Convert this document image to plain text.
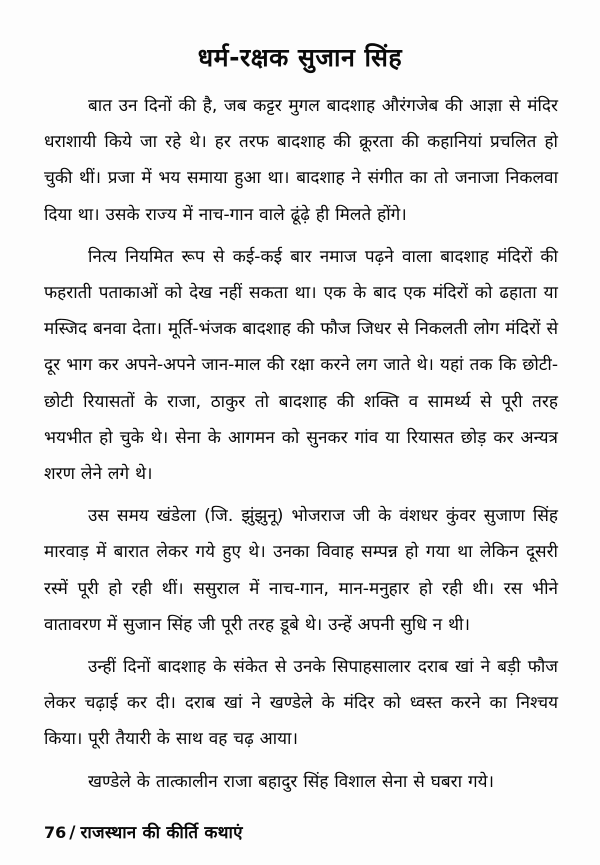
धर्म-रक्षक सुजान सिंह

बात उन दिनों की है, जब कट्टर मुगल बादशाह औरंगजेब की आज्ञा से मंदिर धराशायी किये जा रहे थे। हर तरफ बादशाह की क्रूरता की कहानियां प्रचलित हो चुकी थीं। प्रजा में भय समाया हुआ था। बादशाह ने संगीत का तो जनाजा निकलवा दिया था। उसके राज्य में नाच-गान वाले ढूंढ़े ही मिलते होंगे।

नित्य नियमित रूप से कई-कई बार नमाज पढ़ने वाला बादशाह मंदिरों की फहराती पताकाओं को देख नहीं सकता था। एक के बाद एक मंदिरों को ढहाता या मस्जिद बनवा देता। मूर्ति-भंजक बादशाह की फौज जिधर से निकलती लोग मंदिरों से दूर भाग कर अपने-अपने जान-माल की रक्षा करने लग जाते थे। यहां तक कि छोटी-छोटी रियासतों के राजा, ठाकुर तो बादशाह की शक्ति व सामर्थ्य से पूरी तरह भयभीत हो चुके थे। सेना के आगमन को सुनकर गांव या रियासत छोड़ कर अन्यत्र शरण लेने लगे थे।

उस समय खंडेला (जि. झुंझुनू) भोजराज जी के वंशधर कुंवर सुजाण सिंह मारवाड़ में बारात लेकर गये हुए थे। उनका विवाह सम्पन्न हो गया था लेकिन दूसरी रस्में पूरी हो रही थीं। ससुराल में नाच-गान, मान-मनुहार हो रही थी। रस भीने वातावरण में सुजान सिंह जी पूरी तरह डूबे थे। उन्हें अपनी सुधि न थी।

उन्हीं दिनों बादशाह के संकेत से उनके सिपाहसालार दराब खां ने बड़ी फौज लेकर चढ़ाई कर दी। दराब खां ने खण्डेले के मंदिर को ध्वस्त करने का निश्चय किया। पूरी तैयारी के साथ वह चढ़ आया।

खण्डेले के तात्कालीन राजा बहादुर सिंह विशाल सेना से घबरा गये।

76 / राजस्थान की कीर्ति कथाएं
